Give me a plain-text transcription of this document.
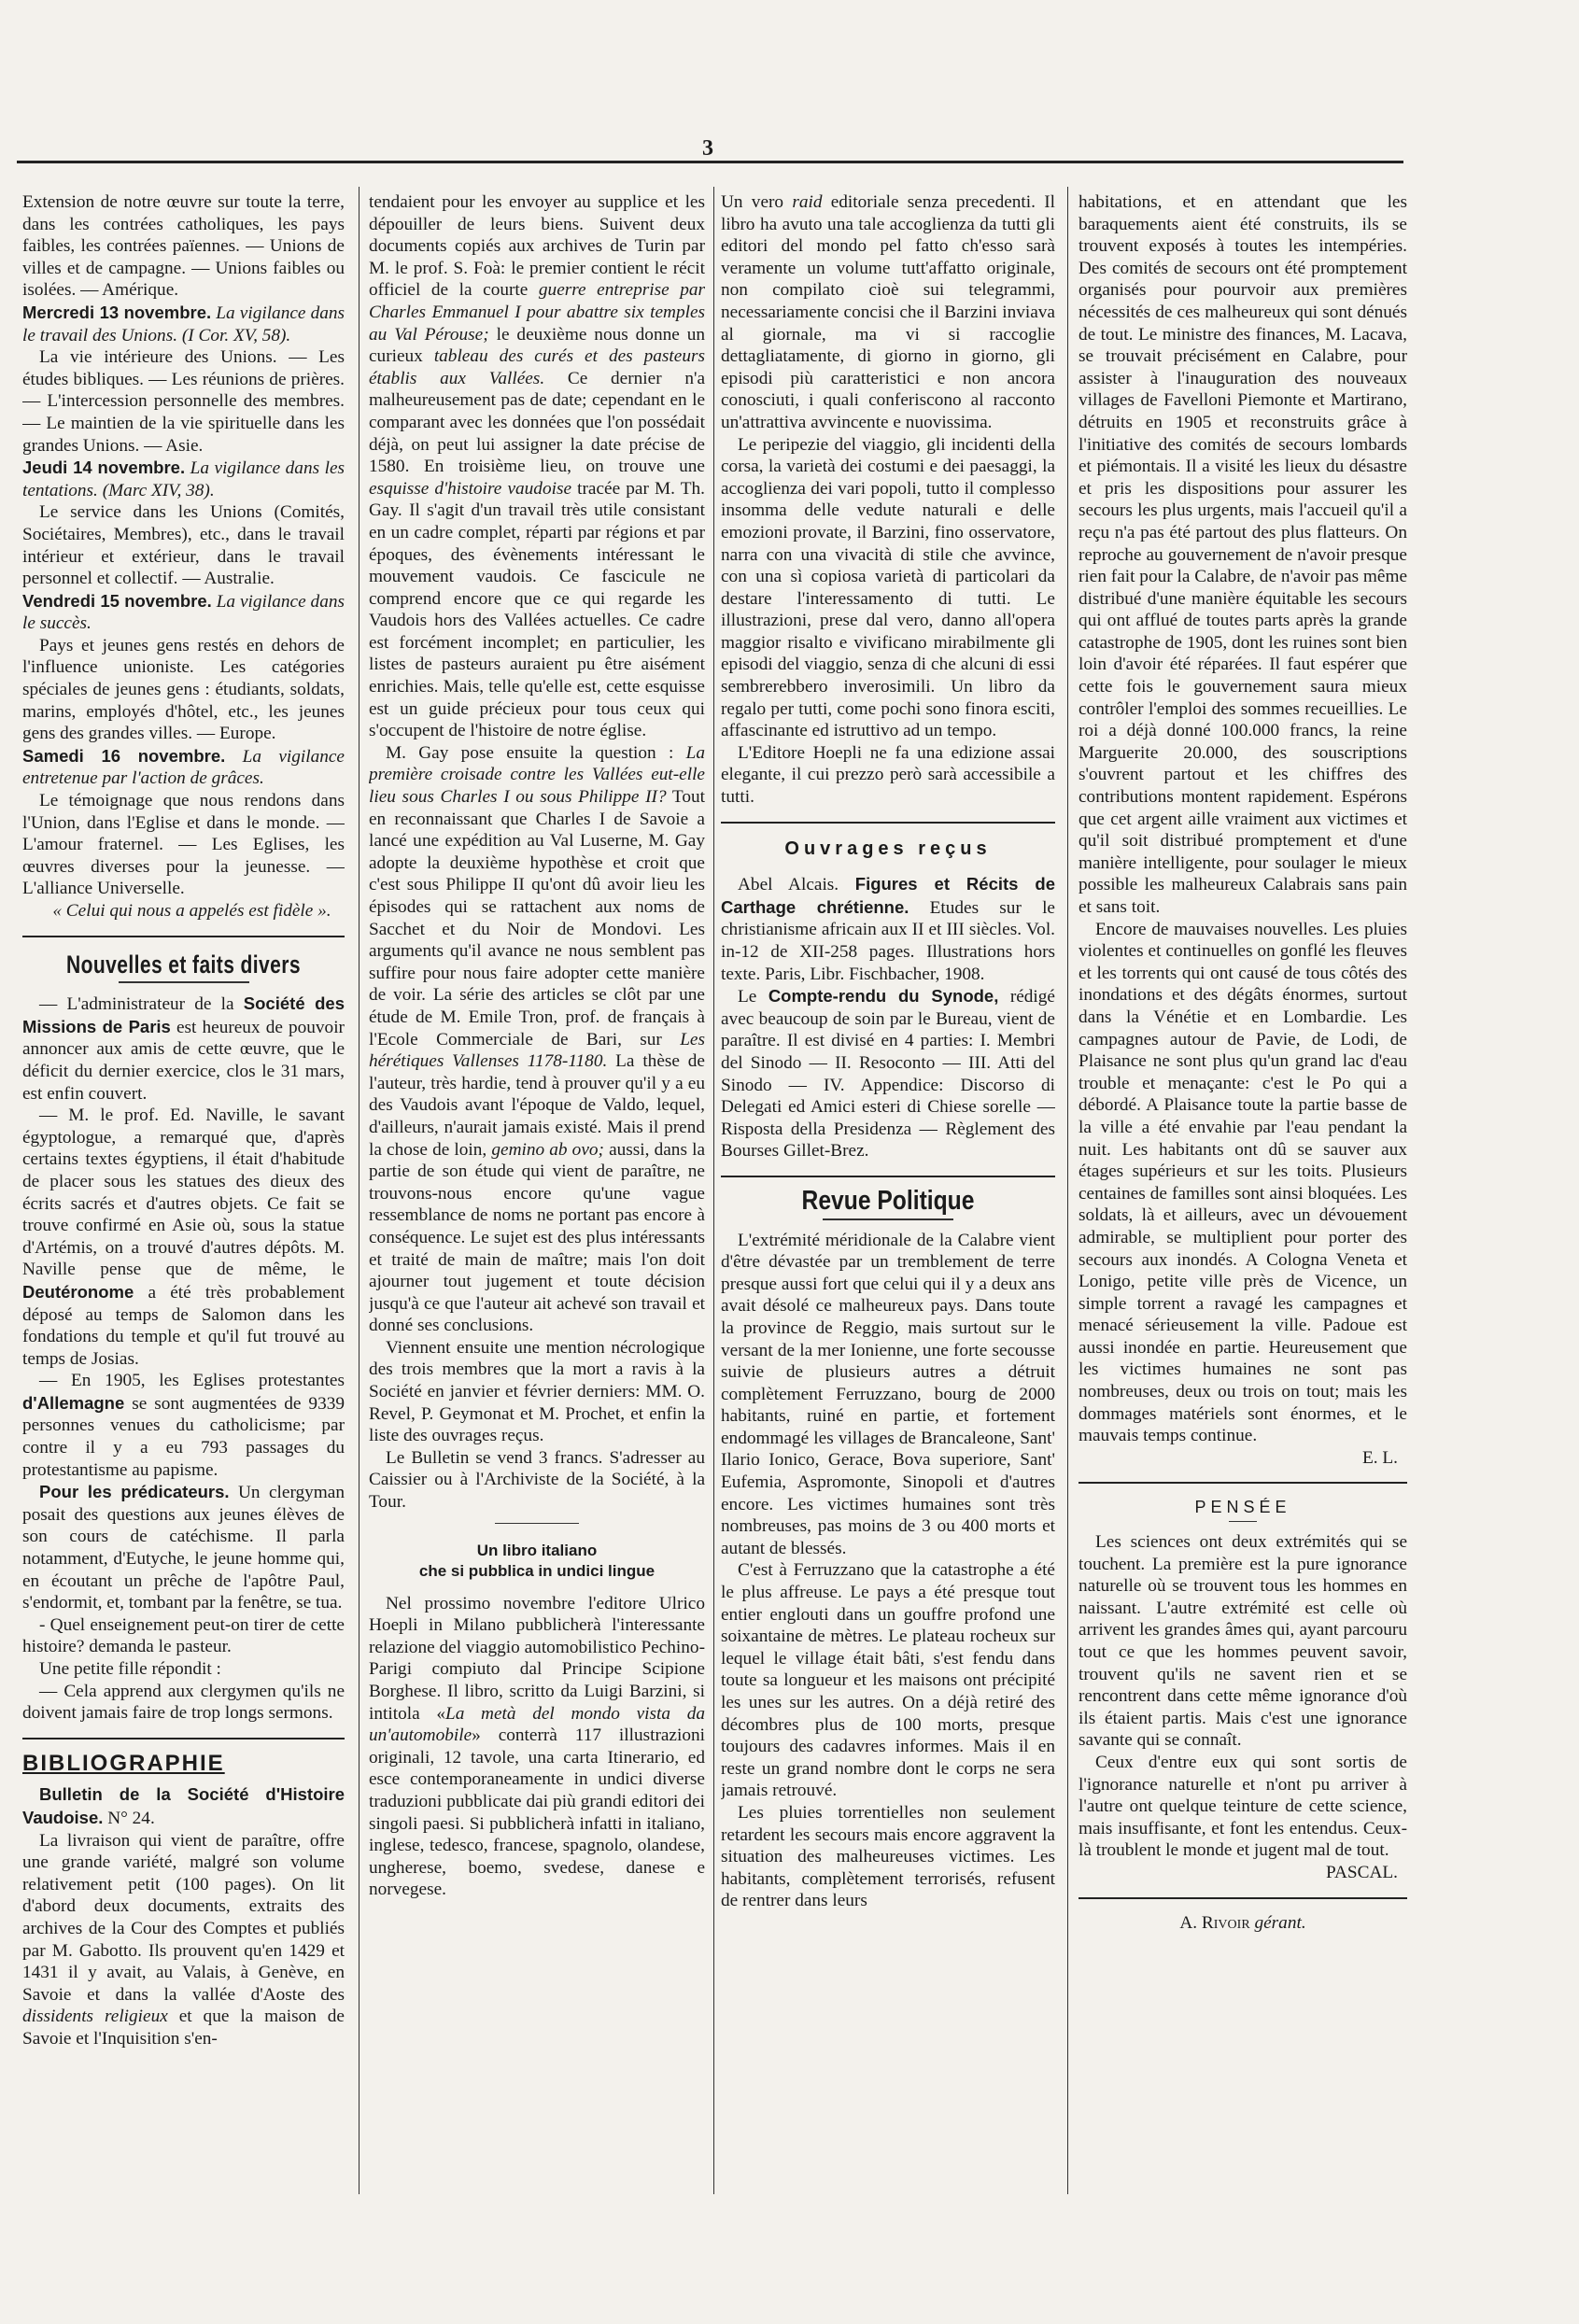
3

Extension de notre œuvre sur toute la terre, dans les contrées catholiques, les pays faibles, les contrées païennes. — Unions de villes et de campagne. — Unions faibles ou isolées. — Amérique.

Mercredi 13 novembre. La vigilance dans le travail des Unions. (I Cor. XV, 58).

La vie intérieure des Unions. — Les études bibliques. — Les réunions de prières. — L'intercession personnelle des membres. — Le maintien de la vie spirituelle dans les grandes Unions. — Asie.

Jeudi 14 novembre. La vigilance dans les tentations. (Marc XIV, 38).

Le service dans les Unions (Comités, Sociétaires, Membres), etc., dans le travail intérieur et extérieur, dans le travail personnel et collectif. — Australie.

Vendredi 15 novembre. La vigilance dans le succès.

Pays et jeunes gens restés en dehors de l'influence unioniste. Les catégories spéciales de jeunes gens : étudiants, soldats, marins, employés d'hôtel, etc., les jeunes gens des grandes villes. — Europe.

Samedi 16 novembre. La vigilance entretenue par l'action de grâces.

Le témoignage que nous rendons dans l'Union, dans l'Eglise et dans le monde. — L'amour fraternel. — Les Eglises, les œuvres diverses pour la jeunesse. — L'alliance Universelle.

« Celui qui nous a appelés est fidèle ».

Nouvelles et faits divers

— L'administrateur de la Société des Missions de Paris est heureux de pouvoir annoncer aux amis de cette œuvre, que le déficit du dernier exercice, clos le 31 mars, est enfin couvert.

— M. le prof. Ed. Naville, le savant égyptologue, a remarqué que, d'après certains textes égyptiens, il était d'habitude de placer sous les statues des dieux des écrits sacrés et d'autres objets. Ce fait se trouve confirmé en Asie où, sous la statue d'Artémis, on a trouvé d'autres dépôts. M. Naville pense que de même, le Deutéronome a été très probablement déposé au temps de Salomon dans les fondations du temple et qu'il fut trouvé au temps de Josias.

— En 1905, les Eglises protestantes d'Allemagne se sont augmentées de 9339 personnes venues du catholicisme; par contre il y a eu 793 passages du protestantisme au papisme.

Pour les prédicateurs. Un clergyman posait des questions aux jeunes élèves de son cours de catéchisme. Il parla notamment, d'Eutyche, le jeune homme qui, en écoutant un prêche de l'apôtre Paul, s'endormit, et, tombant par la fenêtre, se tua.

- Quel enseignement peut-on tirer de cette histoire? demanda le pasteur.

Une petite fille répondit :

— Cela apprend aux clergymen qu'ils ne doivent jamais faire de trop longs sermons.

BIBLIOGRAPHIE

Bulletin de la Société d'Histoire Vaudoise. N° 24.

La livraison qui vient de paraître, offre une grande variété, malgré son volume relativement petit (100 pages). On lit d'abord deux documents, extraits des archives de la Cour des Comptes et publiés par M. Gabotto. Ils prouvent qu'en 1429 et 1431 il y avait, au Valais, à Genève, en Savoie et dans la vallée d'Aoste des dissidents religieux et que la maison de Savoie et l'Inquisition s'en-

tendaient pour les envoyer au supplice et les dépouiller de leurs biens. Suivent deux documents copiés aux archives de Turin par M. le prof. S. Foà: le premier contient le récit officiel de la courte guerre entreprise par Charles Emmanuel I pour abattre six temples au Val Pérouse; le deuxième nous donne un curieux tableau des curés et des pasteurs établis aux Vallées. Ce dernier n'a malheureusement pas de date; cependant en le comparant avec les données que l'on possédait déjà, on peut lui assigner la date précise de 1580. En troisième lieu, on trouve une esquisse d'histoire vaudoise tracée par M. Th. Gay. Il s'agit d'un travail très utile consistant en un cadre complet, réparti par régions et par époques, des évènements intéressant le mouvement vaudois. Ce fascicule ne comprend encore que ce qui regarde les Vaudois hors des Vallées actuelles. Ce cadre est forcément incomplet; en particulier, les listes de pasteurs auraient pu être aisément enrichies. Mais, telle qu'elle est, cette esquisse est un guide précieux pour tous ceux qui s'occupent de l'histoire de notre église.

M. Gay pose ensuite la question : La première croisade contre les Vallées eut-elle lieu sous Charles I ou sous Philippe II? Tout en reconnaissant que Charles I de Savoie a lancé une expédition au Val Luserne, M. Gay adopte la deuxième hypothèse et croit que c'est sous Philippe II qu'ont dû avoir lieu les épisodes qui se rattachent aux noms de Sacchet et du Noir de Mondovi. Les arguments qu'il avance ne nous semblent pas suffire pour nous faire adopter cette manière de voir. La série des articles se clôt par une étude de M. Emile Tron, prof. de français à l'Ecole Commerciale de Bari, sur Les hérétiques Vallenses 1178-1180. La thèse de l'auteur, très hardie, tend à prouver qu'il y a eu des Vaudois avant l'époque de Valdo, lequel, d'ailleurs, n'aurait jamais existé. Mais il prend la chose de loin, gemino ab ovo; aussi, dans la partie de son étude qui vient de paraître, ne trouvons-nous encore qu'une vague ressemblance de noms ne portant pas encore à conséquence. Le sujet est des plus intéressants et traité de main de maître; mais l'on doit ajourner tout jugement et toute décision jusqu'à ce que l'auteur ait achevé son travail et donné ses conclusions.

Viennent ensuite une mention nécrologique des trois membres que la mort a ravis à la Société en janvier et février derniers: MM. O. Revel, P. Geymonat et M. Prochet, et enfin la liste des ouvrages reçus.

Le Bulletin se vend 3 francs. S'adresser au Caissier ou à l'Archiviste de la Société, à la Tour.

Un libro italiano
che si pubblica in undici lingue

Nel prossimo novembre l'editore Ulrico Hoepli in Milano pubblicherà l'interessante relazione del viaggio automobilistico Pechino-Parigi compiuto dal Principe Scipione Borghese. Il libro, scritto da Luigi Barzini, si intitola «La metà del mondo vista da un'automobile» conterrà 117 illustrazioni originali, 12 tavole, una carta Itinerario, ed esce contemporaneamente in undici diverse traduzioni pubblicate dai più grandi editori dei singoli paesi. Si pubblicherà infatti in italiano, inglese, tedesco, francese, spagnolo, olandese, ungherese, boemo, svedese, danese e norvegese.

Un vero raid editoriale senza precedenti. Il libro ha avuto una tale accoglienza da tutti gli editori del mondo pel fatto ch'esso sarà veramente un volume tutt'affatto originale, non compilato cioè sui telegrammi, necessariamente concisi che il Barzini inviava al giornale, ma vi si raccoglie dettagliatamente, di giorno in giorno, gli episodi più caratteristici e non ancora conosciuti, i quali conferiscono al racconto un'attrattiva avvincente e nuovissima.

Le peripezie del viaggio, gli incidenti della corsa, la varietà dei costumi e dei paesaggi, la accoglienza dei vari popoli, tutto il complesso insomma delle vedute naturali e delle emozioni provate, il Barzini, fino osservatore, narra con una vivacità di stile che avvince, con una sì copiosa varietà di particolari da destare l'interessamento di tutti. Le illustrazioni, prese dal vero, danno all'opera maggior risalto e vivificano mirabilmente gli episodi del viaggio, senza di che alcuni di essi sembrerebbero inverosimili. Un libro da regalo per tutti, come pochi sono finora esciti, affascinante ed istruttivo ad un tempo.

L'Editore Hoepli ne fa una edizione assai elegante, il cui prezzo però sarà accessibile a tutti.

Ouvrages reçus

Abel Alcais. Figures et Récits de Carthage chrétienne. Etudes sur le christianisme africain aux II et III siècles. Vol. in-12 de XII-258 pages. Illustrations hors texte. Paris, Libr. Fischbacher, 1908.

Le Compte-rendu du Synode, rédigé avec beaucoup de soin par le Bureau, vient de paraître. Il est divisé en 4 parties: I. Membri del Sinodo — II. Resoconto — III. Atti del Sinodo — IV. Appendice: Discorso di Delegati ed Amici esteri di Chiese sorelle — Risposta della Presidenza — Règlement des Bourses Gillet-Brez.

Revue Politique

L'extrémité méridionale de la Calabre vient d'être dévastée par un tremblement de terre presque aussi fort que celui qui il y a deux ans avait désolé ce malheureux pays. Dans toute la province de Reggio, mais surtout sur le versant de la mer Ionienne, une forte secousse suivie de plusieurs autres a détruit complètement Ferruzzano, bourg de 2000 habitants, ruiné en partie, et fortement endommagé les villages de Brancaleone, Sant' Ilario Ionico, Gerace, Bova superiore, Sant' Eufemia, Aspromonte, Sinopoli et d'autres encore. Les victimes humaines sont très nombreuses, pas moins de 3 ou 400 morts et autant de blessés.

C'est à Ferruzzano que la catastrophe a été le plus affreuse. Le pays a été presque tout entier englouti dans un gouffre profond une soixantaine de mètres. Le plateau rocheux sur lequel le village était bâti, s'est fendu dans toute sa longueur et les maisons ont précipité les unes sur les autres. On a déjà retiré des décombres plus de 100 morts, presque toujours des cadavres informes. Mais il en reste un grand nombre dont le corps ne sera jamais retrouvé.

Les pluies torrentielles non seulement retardent les secours mais encore aggravent la situation des malheureuses victimes. Les habitants, complètement terrorisés, refusent de rentrer dans leurs

habitations, et en attendant que les baraquements aient été construits, ils se trouvent exposés à toutes les intempéries. Des comités de secours ont été promptement organisés pour pourvoir aux premières nécessités de ces malheureux qui sont dénués de tout. Le ministre des finances, M. Lacava, se trouvait précisément en Calabre, pour assister à l'inauguration des nouveaux villages de Favelloni Piemonte et Martirano, détruits en 1905 et reconstruits grâce à l'initiative des comités de secours lombards et piémontais. Il a visité les lieux du désastre et pris les dispositions pour assurer les secours les plus urgents, mais l'accueil qu'il a reçu n'a pas été partout des plus flatteurs. On reproche au gouvernement de n'avoir presque rien fait pour la Calabre, de n'avoir pas même distribué d'une manière équitable les secours qui ont afflué de toutes parts après la grande catastrophe de 1905, dont les ruines sont bien loin d'avoir été réparées. Il faut espérer que cette fois le gouvernement saura mieux contrôler l'emploi des sommes recueillies. Le roi a déjà donné 100.000 francs, la reine Marguerite 20.000, des souscriptions s'ouvrent partout et les chiffres des contributions montent rapidement. Espérons que cet argent aille vraiment aux victimes et qu'il soit distribué promptement et d'une manière intelligente, pour soulager le mieux possible les malheureux Calabrais sans pain et sans toit.

Encore de mauvaises nouvelles. Les pluies violentes et continuelles on gonflé les fleuves et les torrents qui ont causé de tous côtés des inondations et des dégâts énormes, surtout dans la Vénétie et en Lombardie. Les campagnes autour de Pavie, de Lodi, de Plaisance ne sont plus qu'un grand lac d'eau trouble et menaçante: c'est le Po qui a débordé. A Plaisance toute la partie basse de la ville a été envahie par l'eau pendant la nuit. Les habitants ont dû se sauver aux étages supérieurs et sur les toits. Plusieurs centaines de familles sont ainsi bloquées. Les soldats, là et ailleurs, avec un dévouement admirable, se multiplient pour porter des secours aux inondés. A Cologna Veneta et Lonigo, petite ville près de Vicence, un simple torrent a ravagé les campagnes et menacé sérieusement la ville. Padoue est aussi inondée en partie. Heureusement que les victimes humaines ne sont pas nombreuses, deux ou trois on tout; mais les dommages matériels sont énormes, et le mauvais temps continue.

E. L.
PENSÉE

Les sciences ont deux extrémités qui se touchent. La première est la pure ignorance naturelle où se trouvent tous les hommes en naissant. L'autre extrémité est celle où arrivent les grandes âmes qui, ayant parcouru tout ce que les hommes peuvent savoir, trouvent qu'ils ne savent rien et se rencontrent dans cette même ignorance d'où ils étaient partis. Mais c'est une ignorance savante qui se connaît.

Ceux d'entre eux qui sont sortis de l'ignorance naturelle et n'ont pu arriver à l'autre ont quelque teinture de cette science, mais insuffisante, et font les entendus. Ceux-là troublent le monde et jugent mal de tout.

PASCAL.
A. Rivoir gérant.
